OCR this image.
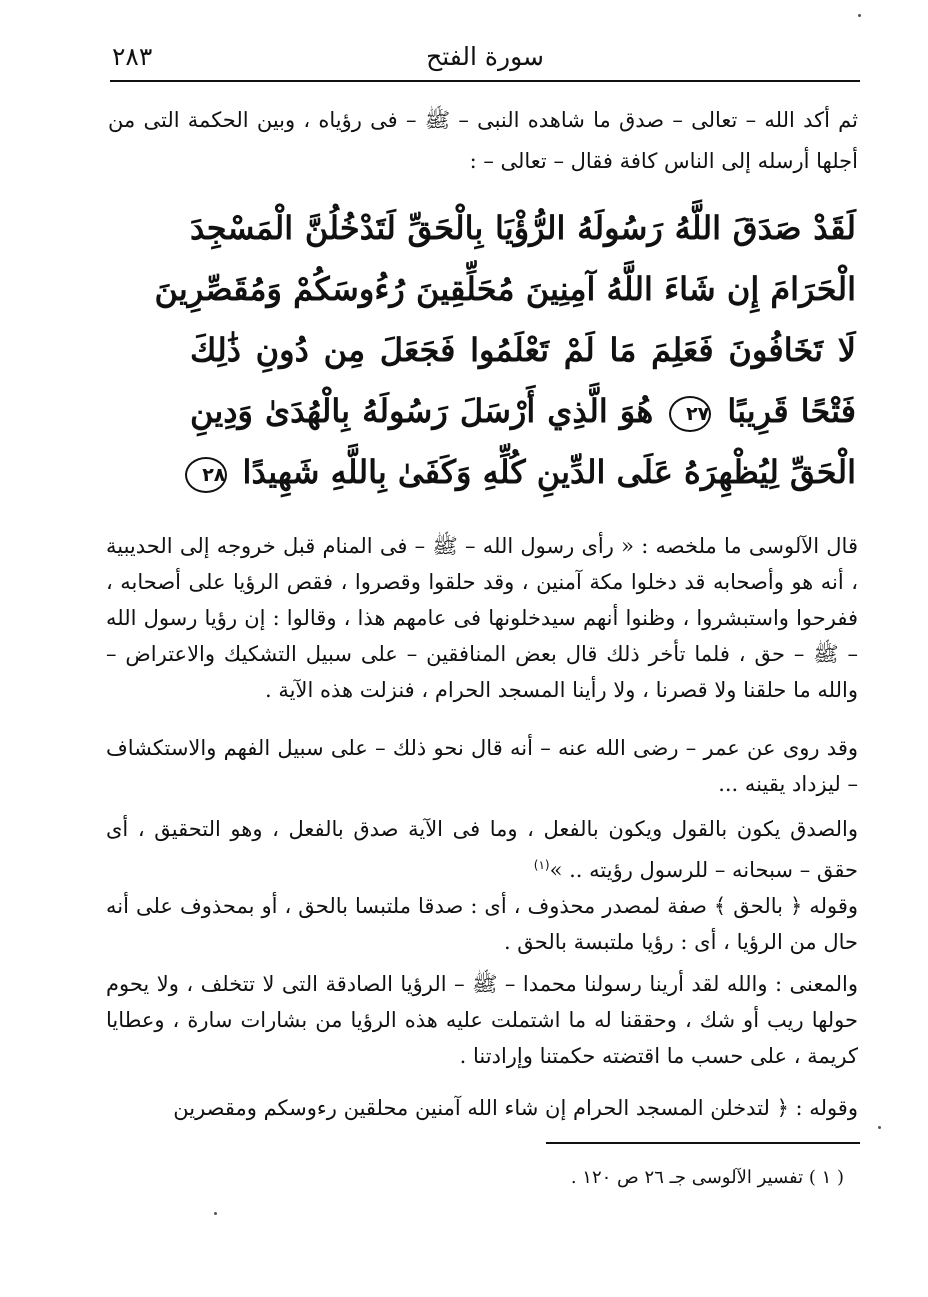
٢٨٣	سورة الفتح
ثم أكد الله – تعالى – صدق ما شاهده النبى – ﷺ – فى رؤياه ، وبين الحكمة التى من أجلها أرسله إلى الناس كافة فقال – تعالى – :
لَقَدْ صَدَقَ اللَّهُ رَسُولَهُ الرُّؤْيَا بِالْحَقِّ لَتَدْخُلُنَّ الْمَسْجِدَ
الْحَرَامَ إِن شَاءَ اللَّهُ آمِنِينَ مُحَلِّقِينَ رُءُوسَكُمْ وَمُقَصِّرِينَ
لَا تَخَافُونَ فَعَلِمَ مَا لَمْ تَعْلَمُوا فَجَعَلَ مِن دُونِ ذَٰلِكَ
فَتْحًا قَرِيبًا ٢٧ هُوَ الَّذِي أَرْسَلَ رَسُولَهُ بِالْهُدَىٰ وَدِينِ
الْحَقِّ لِيُظْهِرَهُ عَلَى الدِّينِ كُلِّهِ وَكَفَىٰ بِاللَّهِ شَهِيدًا ٢٨
قال الآلوسى ما ملخصه : « رأى رسول الله – ﷺ – فى المنام قبل خروجه إلى الحديبية ، أنه هو وأصحابه قد دخلوا مكة آمنين ، وقد حلقوا وقصروا ، فقص الرؤيا على أصحابه ، ففرحوا واستبشروا ، وظنوا أنهم سيدخلونها فى عامهم هذا ، وقالوا : إن رؤيا رسول الله – ﷺ – حق ، فلما تأخر ذلك قال بعض المنافقين – على سبيل التشكيك والاعتراض – والله ما حلقنا ولا قصرنا ، ولا رأينا المسجد الحرام ، فنزلت هذه الآية .
وقد روى عن عمر – رضى الله عنه – أنه قال نحو ذلك – على سبيل الفهم والاستكشاف – ليزداد يقينه ...
والصدق يكون بالقول ويكون بالفعل ، وما فى الآية صدق بالفعل ، وهو التحقيق ، أى حقق – سبحانه – للرسول رؤيته .. »$^{(١)}$
وقوله ﴿ بالحق ﴾ صفة لمصدر محذوف ، أى : صدقا ملتبسا بالحق ، أو بمحذوف على أنه حال من الرؤيا ، أى : رؤيا ملتبسة بالحق .
والمعنى : والله لقد أرينا رسولنا محمدا – ﷺ – الرؤيا الصادقة التى لا تتخلف ، ولا يحوم حولها ريب أو شك ، وحققنا له ما اشتملت عليه هذه الرؤيا من بشارات سارة ، وعطايا كريمة ، على حسب ما اقتضته حكمتنا وإرادتنا .
وقوله : ﴿ لتدخلن المسجد الحرام إن شاء الله آمنين محلقين رءوسكم ومقصرين
( ١ ) تفسير الآلوسى جـ ٢٦ ص ١٢٠ .
